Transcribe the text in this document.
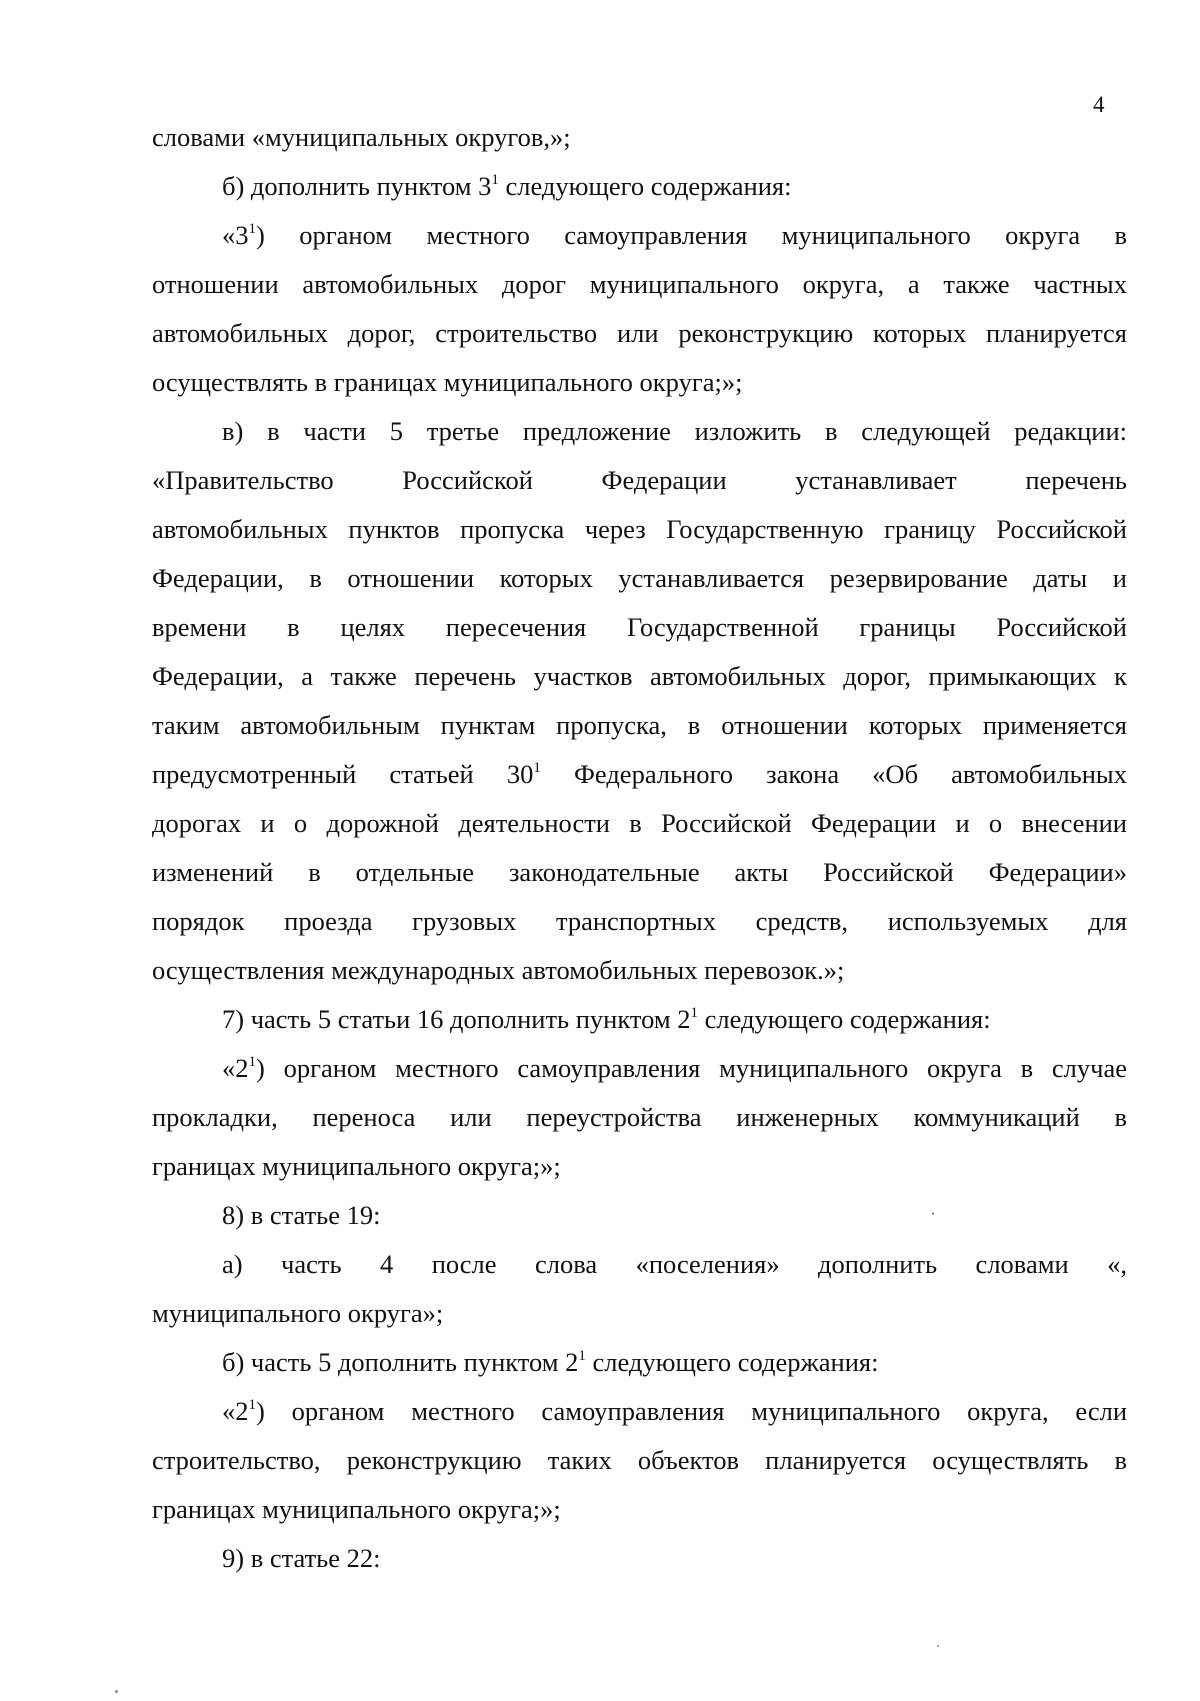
4
словами «муниципальных округов,»;
б) дополнить пунктом $3^1$ следующего содержания:
«$3^1$) органом местного самоуправления муниципального округа в
отношении автомобильных дорог муниципального округа, а также частных
автомобильных дорог, строительство или реконструкцию которых планируется
осуществлять в границах муниципального округа;»;
в) в части 5 третье предложение изложить в следующей редакции:
«Правительство Российской Федерации устанавливает перечень
автомобильных пунктов пропуска через Государственную границу Российской
Федерации, в отношении которых устанавливается резервирование даты и
времени в целях пересечения Государственной границы Российской
Федерации, а также перечень участков автомобильных дорог, примыкающих к
таким автомобильным пунктам пропуска, в отношении которых применяется
предусмотренный статьей $30^1$ Федерального закона «Об автомобильных
дорогах и о дорожной деятельности в Российской Федерации и о внесении
изменений в отдельные законодательные акты Российской Федерации»
порядок проезда грузовых транспортных средств, используемых для
осуществления международных автомобильных перевозок.»;
7) часть 5 статьи 16 дополнить пунктом $2^1$ следующего содержания:
«$2^1$) органом местного самоуправления муниципального округа в случае
прокладки, переноса или переустройства инженерных коммуникаций в
границах муниципального округа;»;
8) в статье 19:
а) часть 4 после слова «поселения» дополнить словами «,
муниципального округа»;
б) часть 5 дополнить пунктом $2^1$ следующего содержания:
«$2^1$) органом местного самоуправления муниципального округа, если
строительство, реконструкцию таких объектов планируется осуществлять в
границах муниципального округа;»;
9) в статье 22:
